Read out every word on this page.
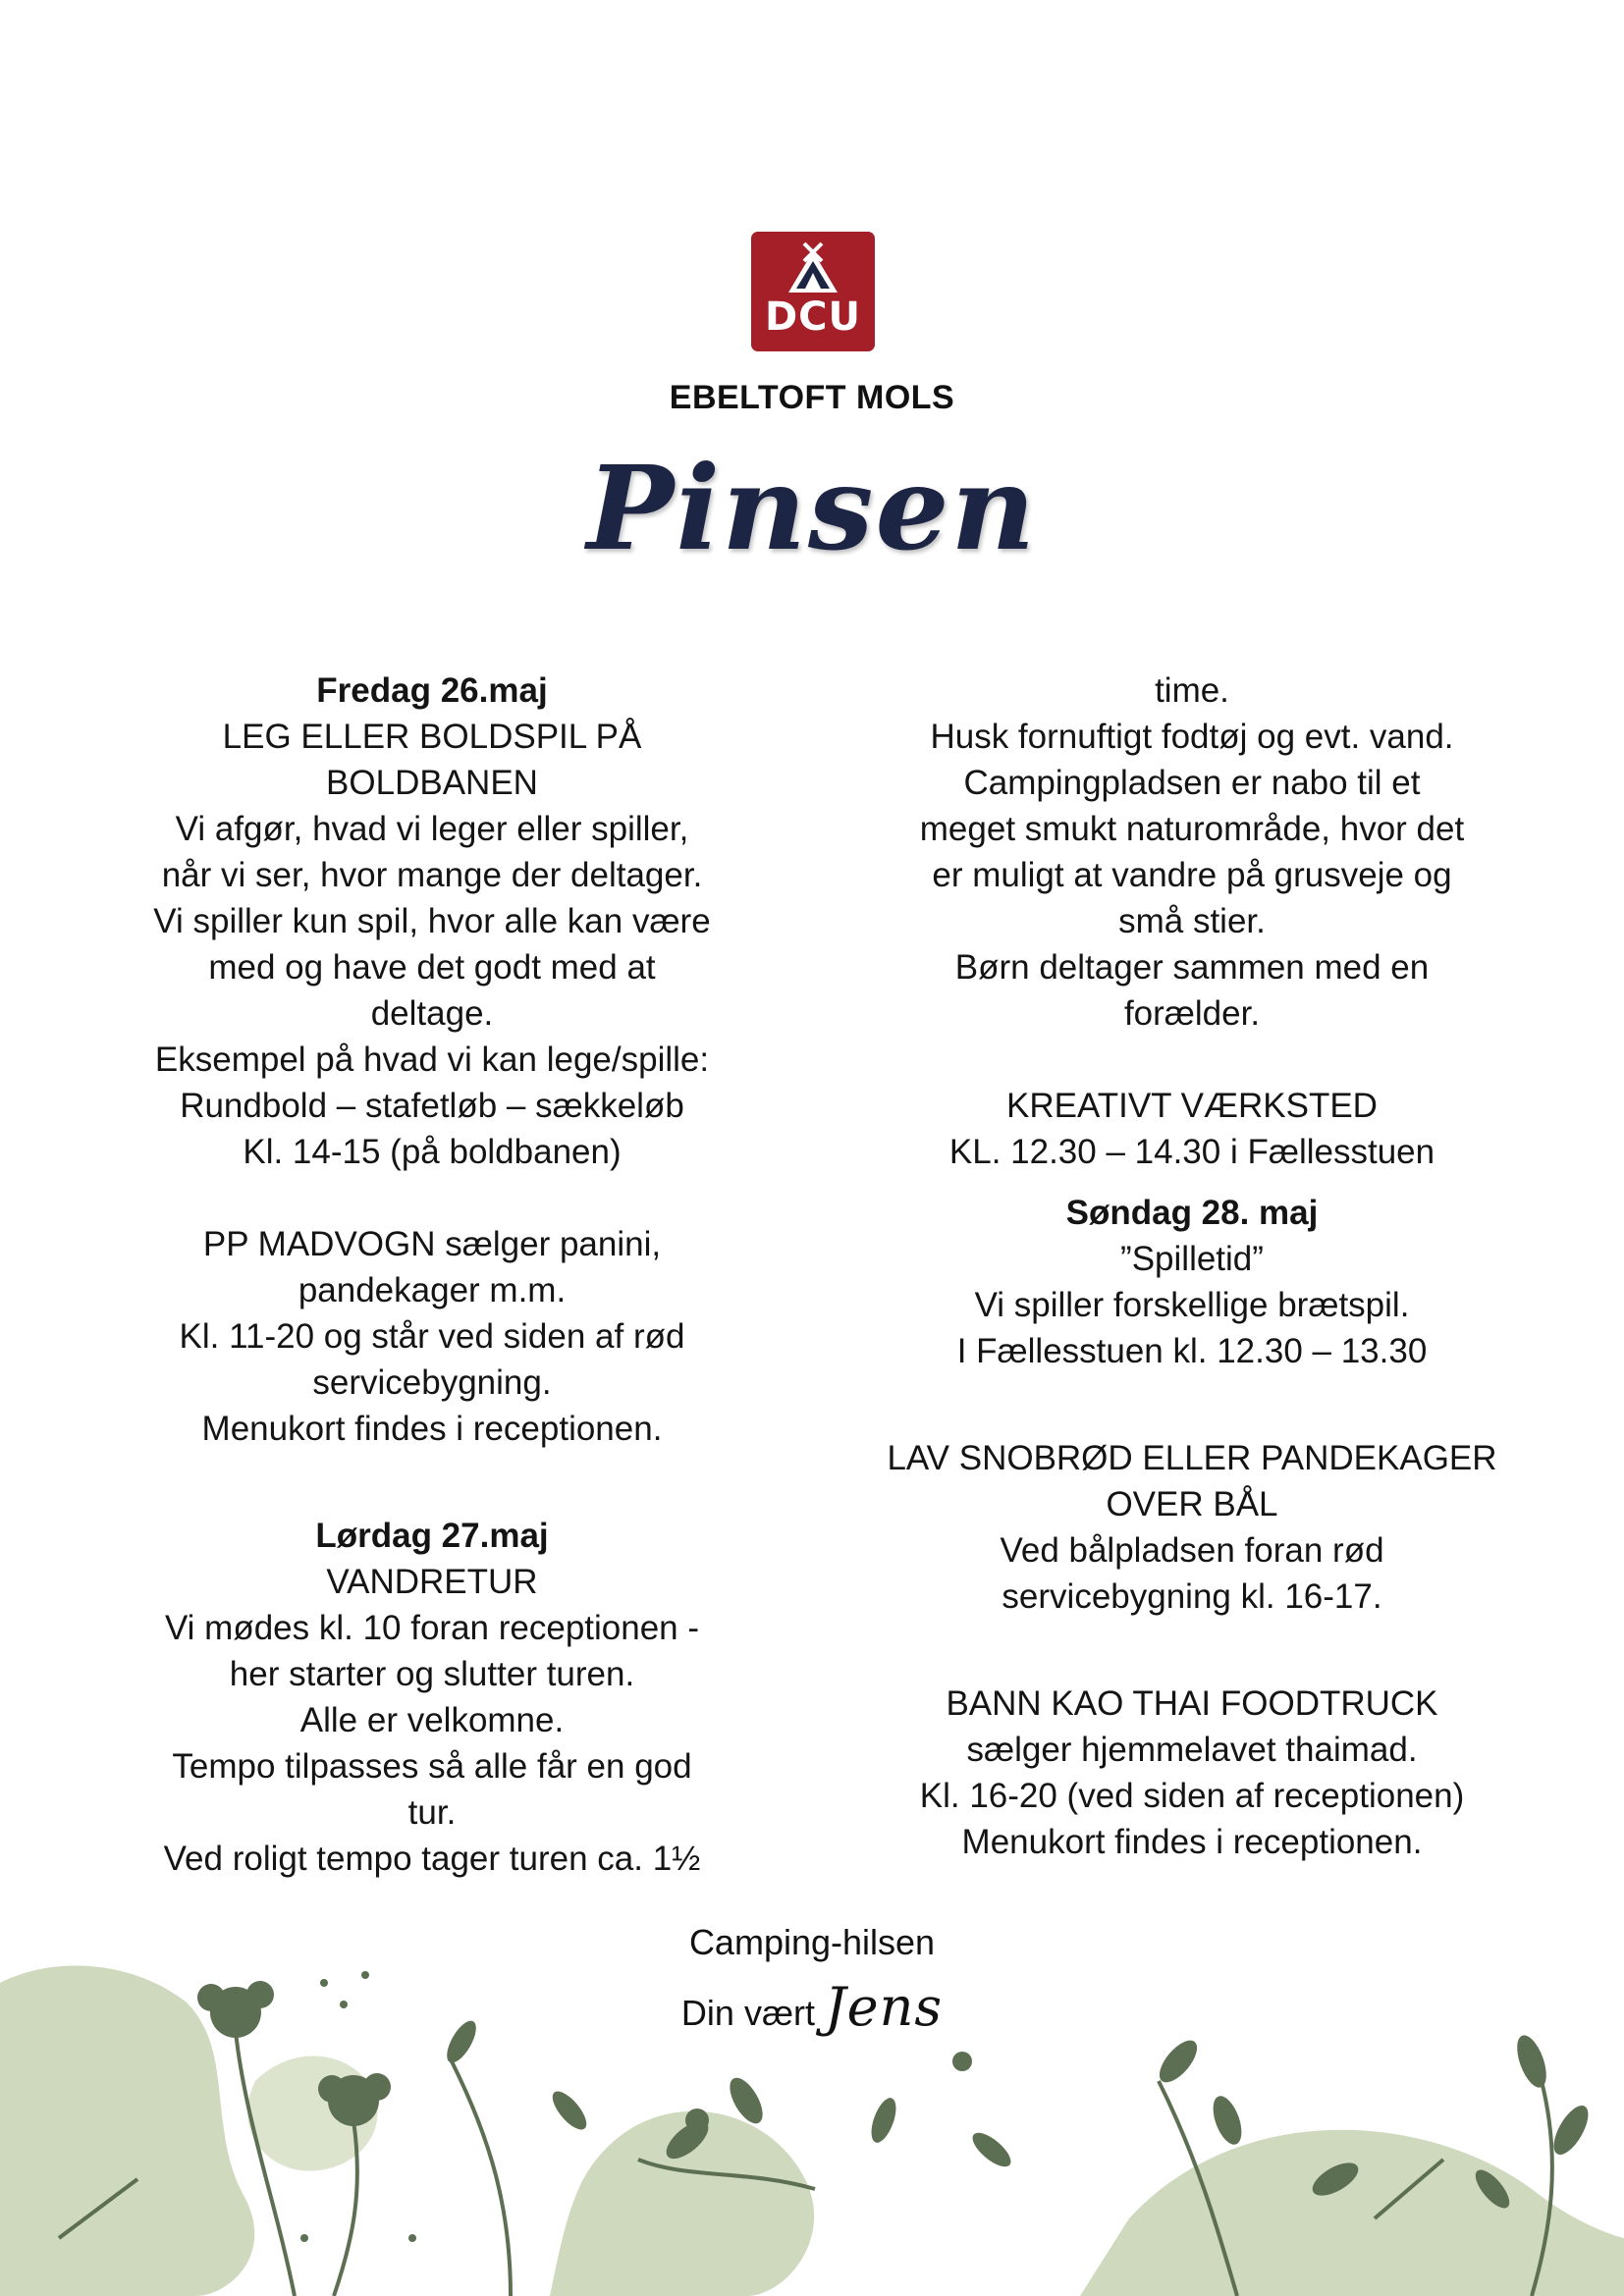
DCU
EBELTOFT MOLS
Pinsen

Fredag 26.maj

LEG ELLER BOLDSPIL PÅ

BOLDBANEN

Vi afgør, hvad vi leger eller spiller,

når vi ser, hvor mange der deltager.

Vi spiller kun spil, hvor alle kan være

med og have det godt med at

deltage.

Eksempel på hvad vi kan lege/spille:

Rundbold – stafetløb – sækkeløb

Kl. 14-15 (på boldbanen)

PP MADVOGN sælger panini,

pandekager m.m.

Kl. 11-20 og står ved siden af rød

servicebygning.

Menukort findes i receptionen.

Lørdag 27.maj

VANDRETUR

Vi mødes kl. 10 foran receptionen -

her starter og slutter turen.

Alle er velkomne.

Tempo tilpasses så alle får en god

tur.

Ved roligt tempo tager turen ca. 1½

time.

Husk fornuftigt fodtøj og evt. vand.

Campingpladsen er nabo til et

meget smukt naturområde, hvor det

er muligt at vandre på grusveje og

små stier.

Børn deltager sammen med en

forælder.

KREATIVT VÆRKSTED

KL. 12.30 – 14.30 i Fællesstuen

Søndag 28. maj

”Spilletid”

Vi spiller forskellige brætspil.

I Fællesstuen kl. 12.30 – 13.30

LAV SNOBRØD ELLER PANDEKAGER

OVER BÅL

Ved bålpladsen foran rød

servicebygning kl. 16-17.

BANN KAO THAI FOODTRUCK

sælger hjemmelavet thaimad.

Kl. 16-20 (ved siden af receptionen)

Menukort findes i receptionen.

Camping-hilsen
Din vært Jens
